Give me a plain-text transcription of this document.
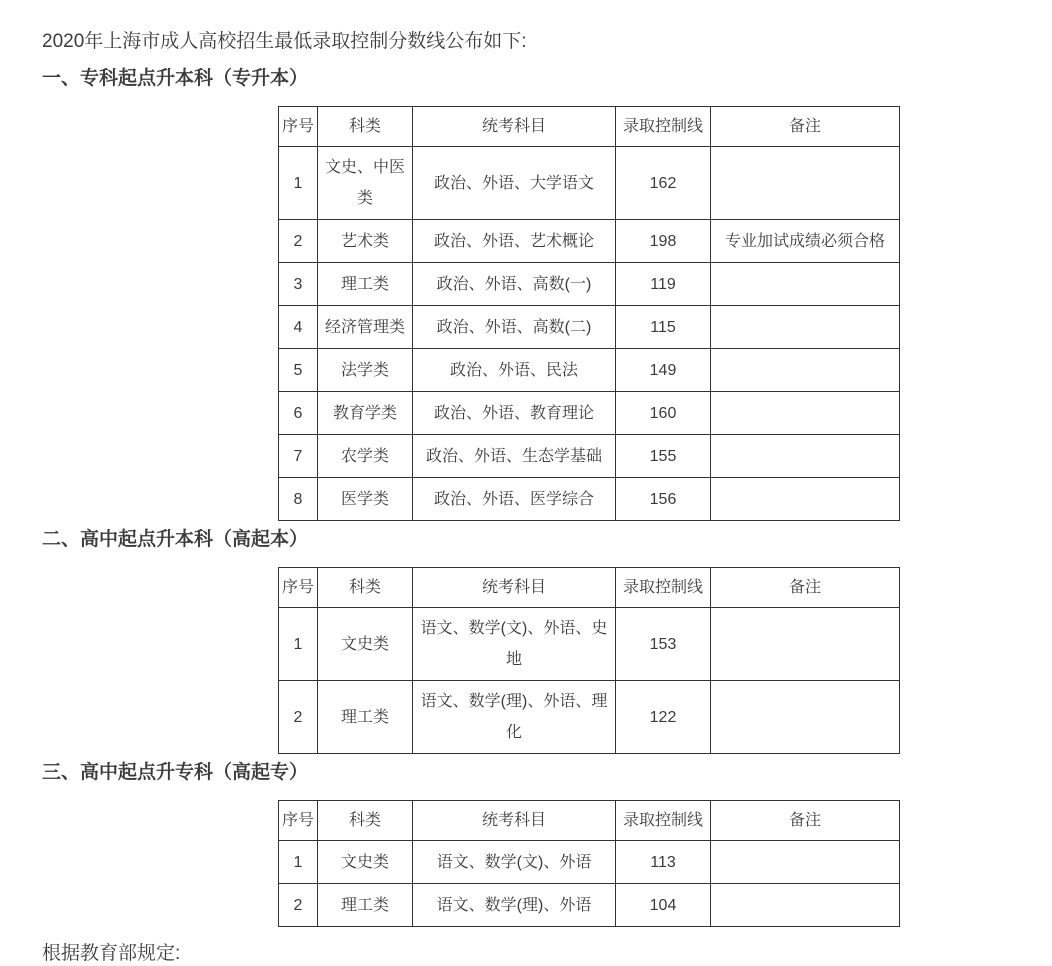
2020年上海市成人高校招生最低录取控制分数线公布如下:

一、专科起点升本科（专升本）
序号	科类	统考科目	录取控制线	备注
1	文史、中医类	政治、外语、大学语文	162	
2	艺术类	政治、外语、艺术概论	198	专业加试成绩必须合格
3	理工类	政治、外语、高数(一)	119	
4	经济管理类	政治、外语、高数(二)	115	
5	法学类	政治、外语、民法	149	
6	教育学类	政治、外语、教育理论	160	
7	农学类	政治、外语、生态学基础	155	
8	医学类	政治、外语、医学综合	156	
二、高中起点升本科（高起本）
序号	科类	统考科目	录取控制线	备注
1	文史类	语文、数学(文)、外语、史地	153	
2	理工类	语文、数学(理)、外语、理化	122	
三、高中起点升专科（高起专）
序号	科类	统考科目	录取控制线	备注
1	文史类	语文、数学(文)、外语	113	
2	理工类	语文、数学(理)、外语	104	

根据教育部规定:
